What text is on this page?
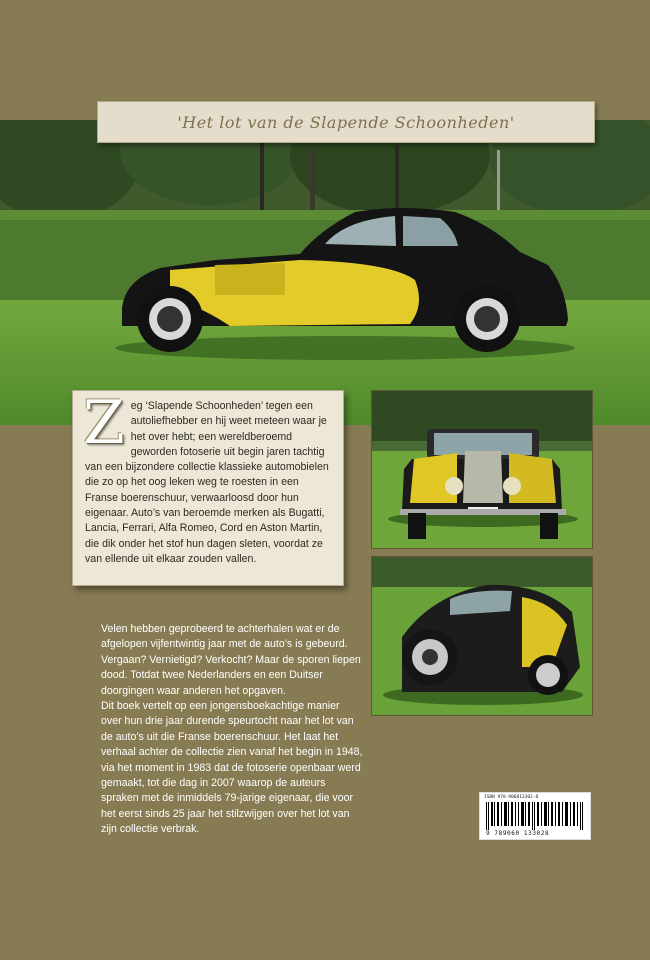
'Het lot van de Slapende Schoonheden'
Z eg ‘Slapende Schoonheden’ tegen een autoliefhebber en hij weet meteen waar je het over hebt; een wereldberoemd geworden fotoserie uit begin jaren tachtig van een bijzondere collectie klassieke automobielen die zo op het oog leken weg te roesten in een Franse boerenschuur, verwaarloosd door hun eigenaar. Auto’s van beroemde merken als Bugatti, Lancia, Ferrari, Alfa Romeo, Cord en Aston Martin, die dik onder het stof hun dagen sleten, voordat ze van ellende uit elkaar zouden vallen.

Velen hebben geprobeerd te achterhalen wat er de afgelopen vijfentwintig jaar met de auto’s is gebeurd. Vergaan? Vernietigd? Verkocht? Maar de sporen liepen dood. Totdat twee Nederlanders en een Duitser doorgingen waar anderen het opgaven.

Dit boek vertelt op een jongensboekachtige manier over hun drie jaar durende speurtocht naar het lot van de auto’s uit die Franse boerenschuur. Het laat het verhaal achter de collectie zien vanaf het begin in 1948, via het moment in 1983 dat de fotoserie openbaar werd gemaakt, tot die dag in 2007 waarop de auteurs spraken met de inmiddels 79-jarige eigenaar, die voor het eerst sinds 25 jaar het stilzwijgen over het lot van zijn collectie verbrak.

ISBN 978-906013302-8
9 789060 133028
